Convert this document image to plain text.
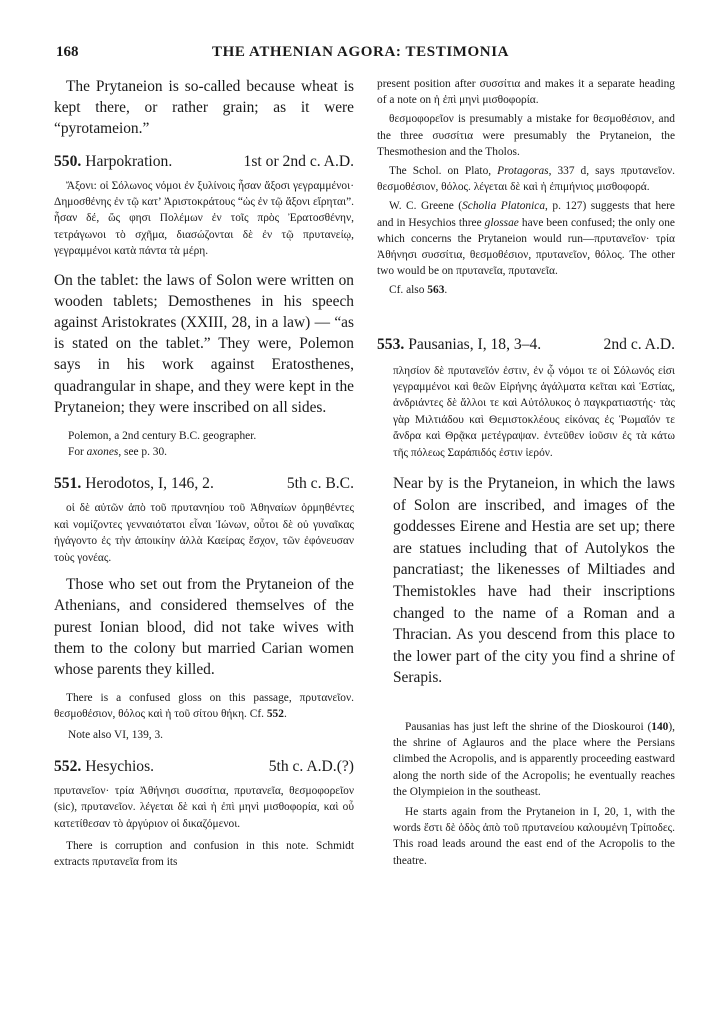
168	THE ATHENIAN AGORA: TESTIMONIA

The Prytaneion is so-called because wheat is kept there, or rather grain; as it were “pyrotameion.”

550. Harpokration.	1st or 2nd c. A.D.

Ἄξονι: οἱ Σόλωνος νόμοι ἐν ξυλίνοις ἦσαν ἄξοσι γεγραμμένοι· Δημοσθένης ἐν τῷ κατ’ Ἀριστοκράτους “ὡς ἐν τῷ ἄξονι εἴρηται”. ἦσαν δέ, ὥς φησι Πολέμων ἐν τοῖς πρὸς Ἐρατοσθένην, τετράγωνοι τὸ σχῆμα, διασώζονται δὲ ἐν τῷ πρυτανείῳ, γεγραμμένοι κατὰ πάντα τὰ μέρη.

On the tablet: the laws of Solon were written on wooden tablets; Demosthenes in his speech against Aristokrates (XXIII, 28, in a law) — “as is stated on the tablet.” They were, Polemon says in his work against Eratosthenes, quadrangular in shape, and they were kept in the Prytaneion; they were inscribed on all sides.

Polemon, a 2nd century B.C. geographer.

For axones, see p. 30.

551. Herodotos, I, 146, 2.	5th c. B.C.

οἱ δὲ αὐτῶν ἀπὸ τοῦ πρυτανηίου τοῦ Ἀθηναίων ὁρμηθέντες καὶ νομίζοντες γενναιότατοι εἶναι Ἰώνων, οὗτοι δὲ οὐ γυναῖκας ἠγάγοντο ἐς τὴν ἀποικίην ἀλλὰ Καείρας ἔσχον, τῶν ἐφόνευσαν τοὺς γονέας.

Those who set out from the Prytaneion of the Athenians, and considered themselves of the purest Ionian blood, did not take wives with them to the colony but married Carian women whose parents they killed.

There is a confused gloss on this passage, πρυτανεῖον. θεσμοθέσιον, θόλος καὶ ἡ τοῦ σίτου θήκη. Cf. 552.

Note also VI, 139, 3.

552. Hesychios.	5th c. A.D.(?)

πρυτανεῖον· τρία Ἀθήνησι συσσίτια, πρυτανεῖα, θεσμοφορεῖον (sic), πρυτανεῖον. λέγεται δὲ καὶ ἡ ἐπὶ μηνὶ μισθοφορία, καὶ οὗ κατετίθεσαν τὸ ἀργύριον οἱ δικαζόμενοι.

There is corruption and confusion in this note. Schmidt extracts πρυτανεῖα from its

present position after συσσίτια and makes it a separate heading of a note on ἡ ἐπὶ μηνὶ μισθοφορία.

θεσμοφορεῖον is presumably a mistake for θεσμοθέσιον, and the three συσσίτια were presumably the Prytaneion, the Thesmothesion and the Tholos.

The Schol. on Plato, Protagoras, 337 d, says πρυτανεῖον. θεσμοθέσιον, θόλος. λέγεται δὲ καὶ ἡ ἐπιμήνιος μισθοφορά.

W. C. Greene (Scholia Platonica, p. 127) suggests that here and in Hesychios three glossae have been confused; the only one which concerns the Prytaneion would run—πρυτανεῖον· τρία Ἀθήνησι συσσίτια, θεσμοθέσιον, πρυτανεῖον, θόλος. The other two would be on πρυτανεῖα, πρυτανεῖα.

Cf. also 563.

553. Pausanias, I, 18, 3–4.	2nd c. A.D.

πλησίον δὲ πρυτανεῖόν ἐστιν, ἐν ᾧ νόμοι τε οἱ Σόλωνός εἰσι γεγραμμένοι καὶ θεῶν Εἰρήνης ἀγάλματα κεῖται καὶ Ἑστίας, ἀνδριάντες δὲ ἄλλοι τε καὶ Αὐτόλυκος ὁ παγκρατιαστής· τὰς γὰρ Μιλτιάδου καὶ Θεμιστοκλέους εἰκόνας ἐς Ῥωμαῖόν τε ἄνδρα καὶ Θρᾷκα μετέγραψαν. ἐντεῦθεν ἰοῦσιν ἐς τὰ κάτω τῆς πόλεως Σαράπιδός ἐστιν ἱερόν.

Near by is the Prytaneion, in which the laws of Solon are inscribed, and images of the goddesses Eirene and Hestia are set up; there are statues including that of Autolykos the pancratiast; the likenesses of Miltiades and Themistokles have had their inscriptions changed to the name of a Roman and a Thracian. As you descend from this place to the lower part of the city you find a shrine of Serapis.

Pausanias has just left the shrine of the Dioskouroi (140), the shrine of Aglauros and the place where the Persians climbed the Acropolis, and is apparently proceeding eastward along the north side of the Acropolis; he eventually reaches the Olympieion in the southeast.

He starts again from the Prytaneion in I, 20, 1, with the words ἔστι δὲ ὁδὸς ἀπὸ τοῦ πρυτανείου καλουμένη Τρίποδες. This road leads around the east end of the Acropolis to the theatre.
